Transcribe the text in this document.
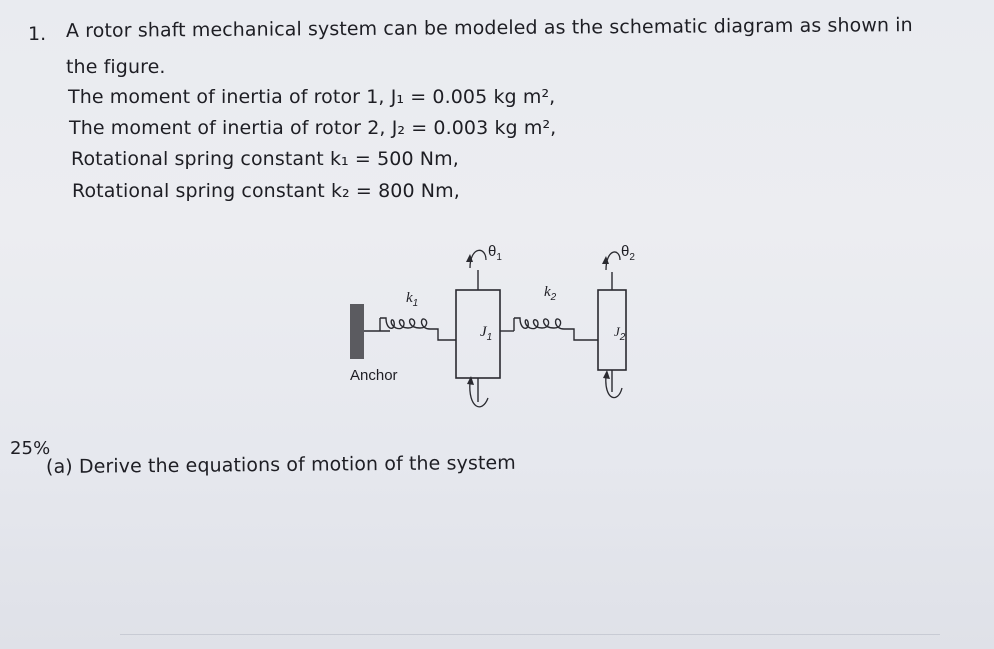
1. A rotor shaft mechanical system can be modeled as the schematic diagram as shown in
the figure.
The moment of inertia of rotor 1, J₁ = 0.005 kg m²,
The moment of inertia of rotor 2, J₂ = 0.003 kg m²,
Rotational spring constant k₁ = 500 Nm,
Rotational spring constant k₂ = 800 Nm,
$k_1$
$k_2$
$J_1$	$J_2$
$\theta_1$	$\theta_2$
Anchor
25%
(a) Derive the equations of motion of the system
